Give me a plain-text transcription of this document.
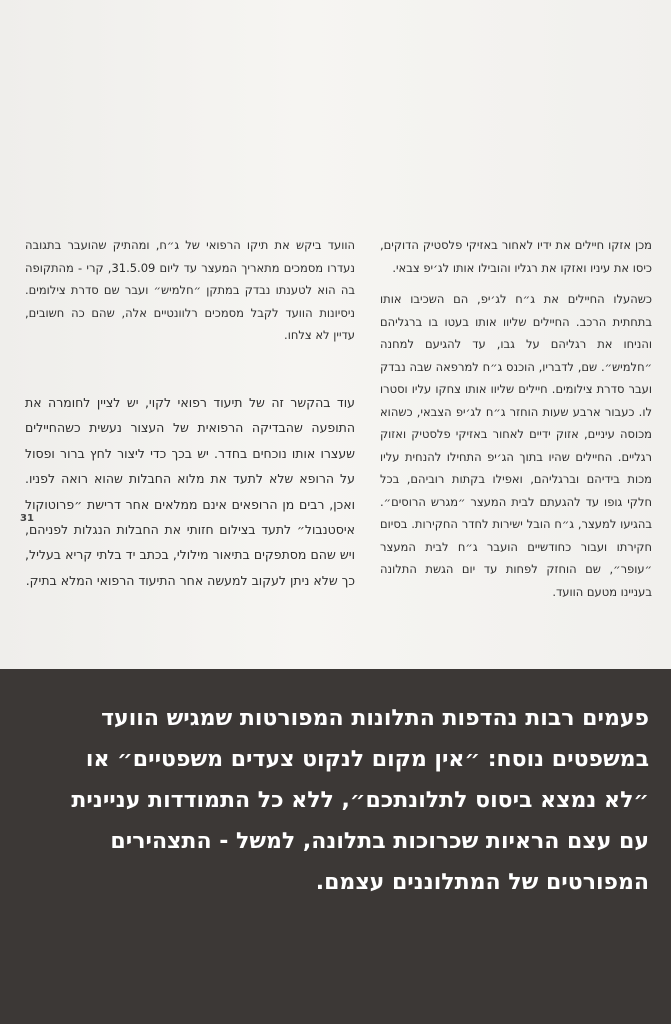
מכן אזקו חיילים את ידיו לאחור באזיקי פלסטיק הדוקים, כיסו את עיניו ואזקו את רגליו והובילו אותו לג׳יפ צבאי.

כשהעלו החיילים את ג״ח לג׳יפ, הם השכיבו אותו בתחתית הרכב. החיילים שליוו אותו בעטו בו ברגליהם והניחו את רגליהם על גבו, עד להגיעם למחנה ״חלמיש״. שם, לדבריו, הוכנס ג״ח למרפאה שבה נבדק ועבר סדרת צילומים. חיילים שליוו אותו צחקו עליו וסטרו לו. כעבור ארבע שעות הוחזר ג״ח לג׳יפ הצבאי, כשהוא מכוסה עיניים, אזוק ידיים לאחור באזיקי פלסטיק ואזוק רגליים. החיילים שהיו בתוך הג׳יפ התחילו להנחית עליו מכות בידיהם וברגליהם, ואפילו בקתות רוביהם, בכל חלקי גופו עד להגעתם לבית המעצר ״מגרש הרוסים״. בהגיעו למעצר, ג״ח הובל ישירות לחדר החקירות. בסיום חקירתו ועבור כחודשיים הועבר ג״ח לבית המעצר ״עופר״, שם הוחזק לפחות עד יום הגשת התלונה בעניינו מטעם הוועד.

הוועד ביקש את תיקו הרפואי של ג״ח, ומהתיק שהועבר בתגובה נעדרו מסמכים מתאריך המעצר עד ליום 31.5.09, קרי - מהתקופה בה הוא לטענתו נבדק במתקן ״חלמיש״ ועבר שם סדרת צילומים. ניסיונות הוועד לקבל מסמכים רלוונטיים אלה, שהם כה חשובים, עדיין לא צלחו.

עוד בהקשר זה של תיעוד רפואי לקוי, יש לציין לחומרה את התופעה שהבדיקה הרפואית של העצור נעשית כשהחיילים שעצרו אותו נוכחים בחדר. יש בכך כדי ליצור לחץ ברור ופסול על הרופא שלא לתעד את מלוא החבלות שהוא רואה לפניו. ואכן, רבים מן הרופאים אינם ממלאים אחר דרישת ״פרוטוקול איסטנבול״ לתעד בצילום חזותי את החבלות הנגלות לפניהם, ויש שהם מסתפקים בתיאור מילולי, בכתב יד בלתי קריא בעליל, כך שלא ניתן לעקוב למעשה אחר התיעוד הרפואי המלא בתיק.

31
פעמים רבות נהדפות התלונות המפורטות שמגיש הוועד
במשפטים נוסח: ״אין מקום לנקוט צעדים משפטיים״ או
״לא נמצא ביסוס לתלונתכם״, ללא כל התמודדות עניינית
עם עצם הראיות שכרוכות בתלונה, למשל - התצהירים
המפורטים של המתלוננים עצמם.
